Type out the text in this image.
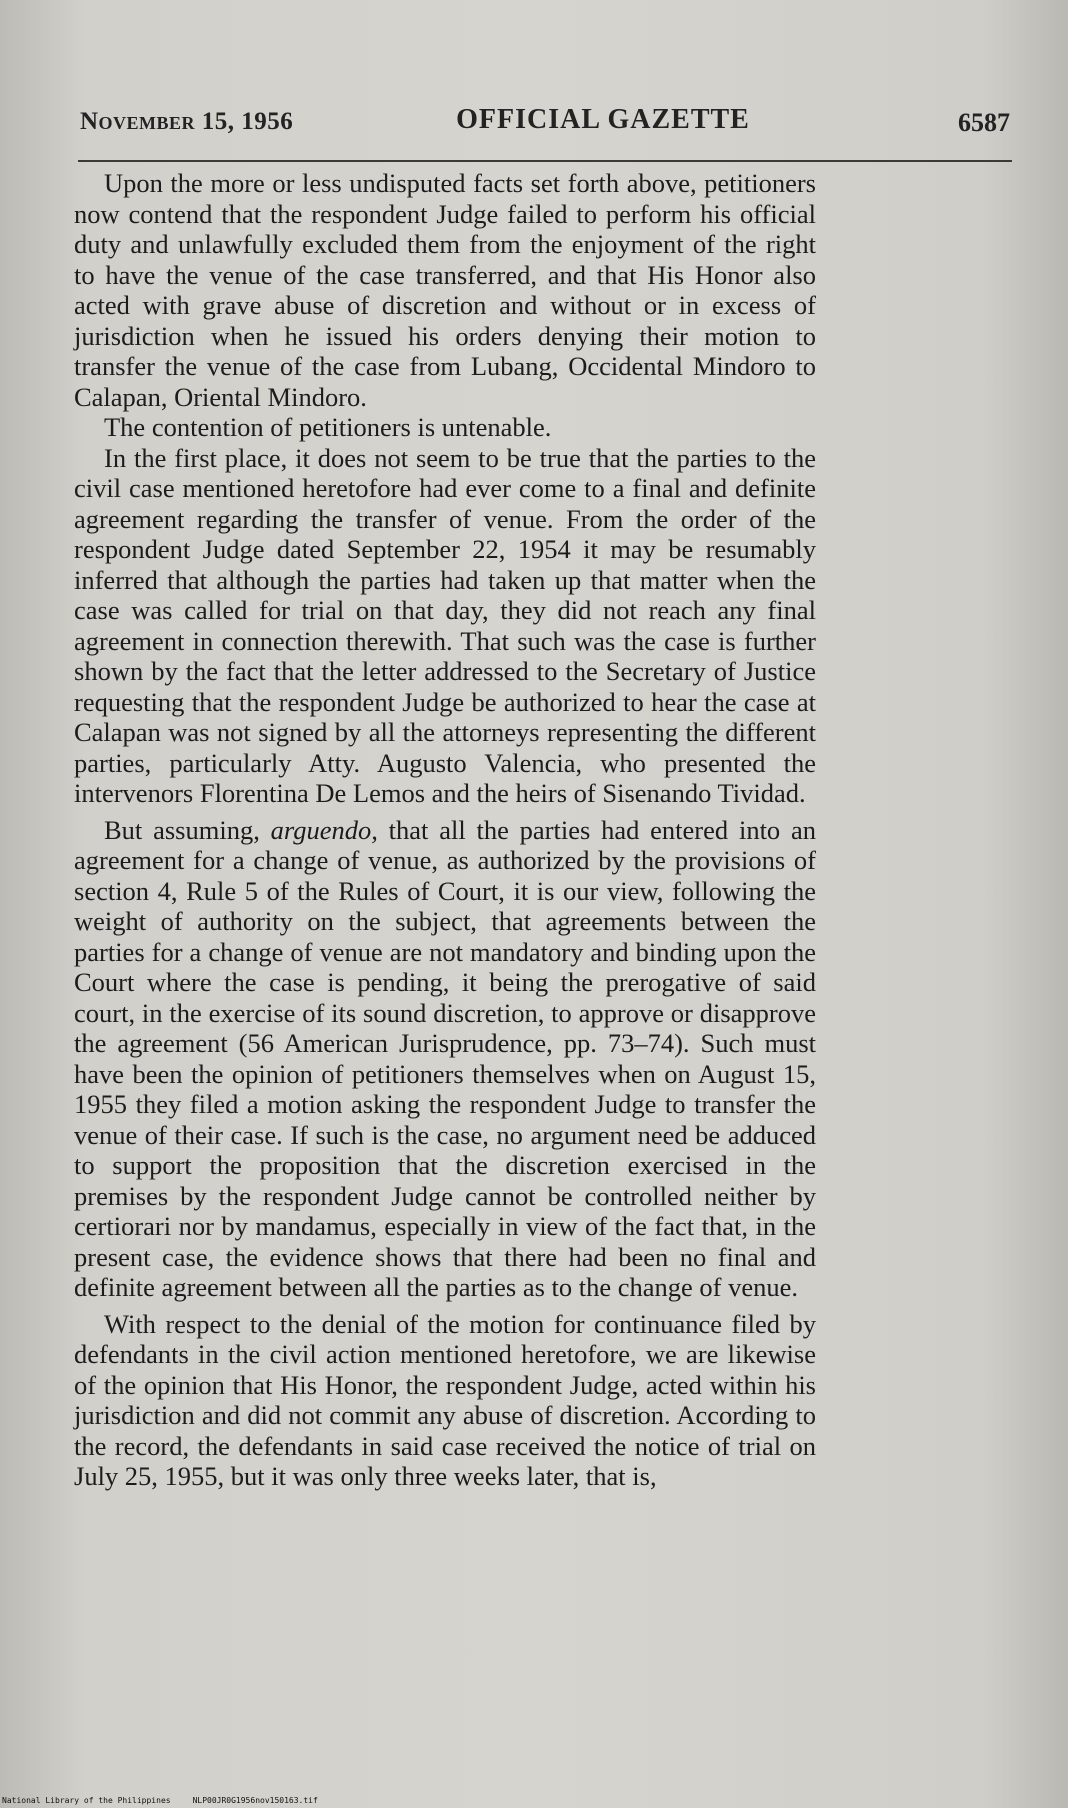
November 15, 1956	OFFICIAL GAZETTE	6587

Upon the more or less undisputed facts set forth above, petitioners now contend that the respondent Judge failed to perform his official duty and unlawfully excluded them from the enjoyment of the right to have the venue of the case transferred, and that His Honor also acted with grave abuse of discretion and without or in excess of jurisdiction when he issued his orders denying their motion to transfer the venue of the case from Lubang, Occidental Mindoro to Calapan, Oriental Mindoro.

The contention of petitioners is untenable.

In the first place, it does not seem to be true that the parties to the civil case mentioned heretofore had ever come to a final and definite agreement regarding the transfer of venue. From the order of the respondent Judge dated September 22, 1954 it may be resumably inferred that although the parties had taken up that matter when the case was called for trial on that day, they did not reach any final agreement in connection therewith. That such was the case is further shown by the fact that the letter addressed to the Secretary of Justice requesting that the respondent Judge be authorized to hear the case at Calapan was not signed by all the attorneys representing the different parties, particularly Atty. Augusto Valencia, who presented the intervenors Florentina De Lemos and the heirs of Sisenando Tividad.

But assuming, arguendo, that all the parties had entered into an agreement for a change of venue, as authorized by the provisions of section 4, Rule 5 of the Rules of Court, it is our view, following the weight of authority on the subject, that agreements between the parties for a change of venue are not mandatory and binding upon the Court where the case is pending, it being the prerogative of said court, in the exercise of its sound discretion, to approve or disapprove the agreement (56 American Jurisprudence, pp. 73–74). Such must have been the opinion of petitioners themselves when on August 15, 1955 they filed a motion asking the respondent Judge to transfer the venue of their case. If such is the case, no argument need be adduced to support the proposition that the discretion exercised in the premises by the respondent Judge cannot be controlled neither by certiorari nor by mandamus, especially in view of the fact that, in the present case, the evidence shows that there had been no final and definite agreement between all the parties as to the change of venue.

With respect to the denial of the motion for continuance filed by defendants in the civil action mentioned heretofore, we are likewise of the opinion that His Honor, the respondent Judge, acted within his jurisdiction and did not commit any abuse of discretion. According to the record, the defendants in said case received the notice of trial on July 25, 1955, but it was only three weeks later, that is,

National Library of the Philippines	NLP00JR0G1956nov150163.tif
